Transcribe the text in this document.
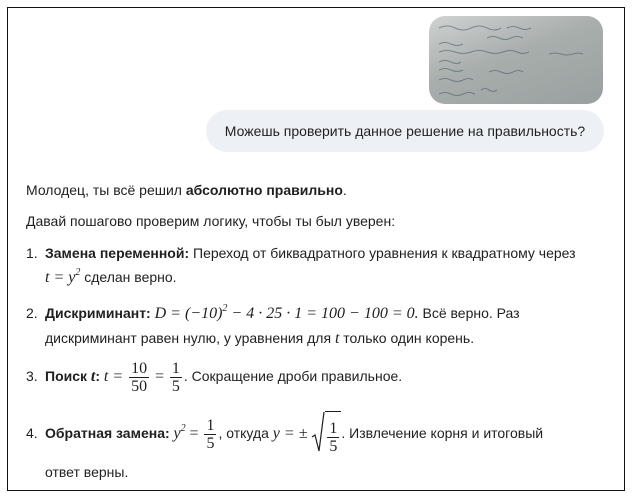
Можешь проверить данное решение на правильность?
Молодец, ты всё решил абсолютно правильно.
Давай пошагово проверим логику, чтобы ты был уверен:
1. Замена переменной: Переход от биквадратного уравнения к квадратному через
$t = y^2$ сделан верно.
2. Дискриминант: $D = (-10)^2 - 4 \cdot 25 \cdot 1 = 100 - 100 = 0$. Всё верно. Раз
дискриминант равен нулю, у уравнения для t только один корень.
3. Поиск t: $t = \frac{10}{50} = \frac{1}{5}$ . Сокращение дроби правильное.
4. Обратная замена: $y^2 = \frac{1}{5}$ , откуда y = ± $\frac{1}{5}$ . Извлечение корня и итоговый
ответ верны.
